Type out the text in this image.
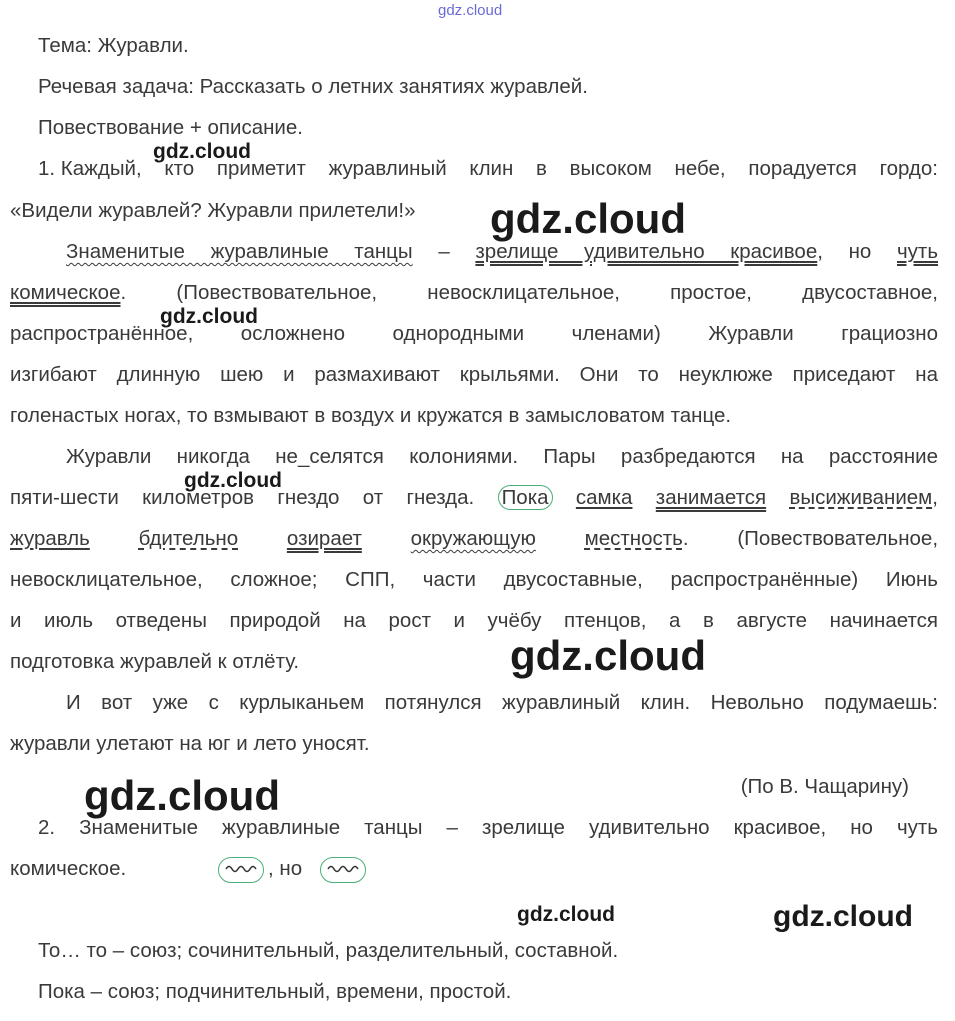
gdz.cloud
gdz.cloud
gdz.cloud
gdz.cloud
gdz.cloud
gdz.cloud
gdz.cloud
gdz.cloud	gdz.cloud
Тема: Журавли.
Речевая задача: Рассказать о летних занятиях журавлей.
Повествование + описание.
1. Каждый, кто приметит журавлиный клин в высоком небе, порадуется гордо:
«Видели журавлей? Журавли прилетели!»
Знаменитые журавлиные танцы – зрелище удивительно красивое, но чуть
комическое. (Повествовательное, невосклицательное, простое, двусоставное,
распространённое, осложнено однородными членами) Журавли грациозно
изгибают длинную шею и размахивают крыльями. Они то неуклюже приседают на
голенастых ногах, то взмывают в воздух и кружатся в замысловатом танце.
Журавли никогда не_селятся колониями. Пары разбредаются на расстояние
пяти-шести километров гнездо от гнезда. Пока самка занимается высиживанием,
журавль бдительно озирает окружающую местность. (Повествовательное,
невосклицательное, сложное; СПП, части двусоставные, распространённые) Июнь
и июль отведены природой на рост и учёбу птенцов, а в августе начинается
подготовка журавлей к отлёту.
И вот уже с курлыканьем потянулся журавлиный клин. Невольно подумаешь:
журавли улетают на юг и лето уносят.
(По В. Чащарину)
2. Знаменитые журавлиные танцы – зрелище удивительно красивое, но чуть
комическое.	, но
То… то – союз; сочинительный, разделительный, составной.
Пока – союз; подчинительный, времени, простой.
